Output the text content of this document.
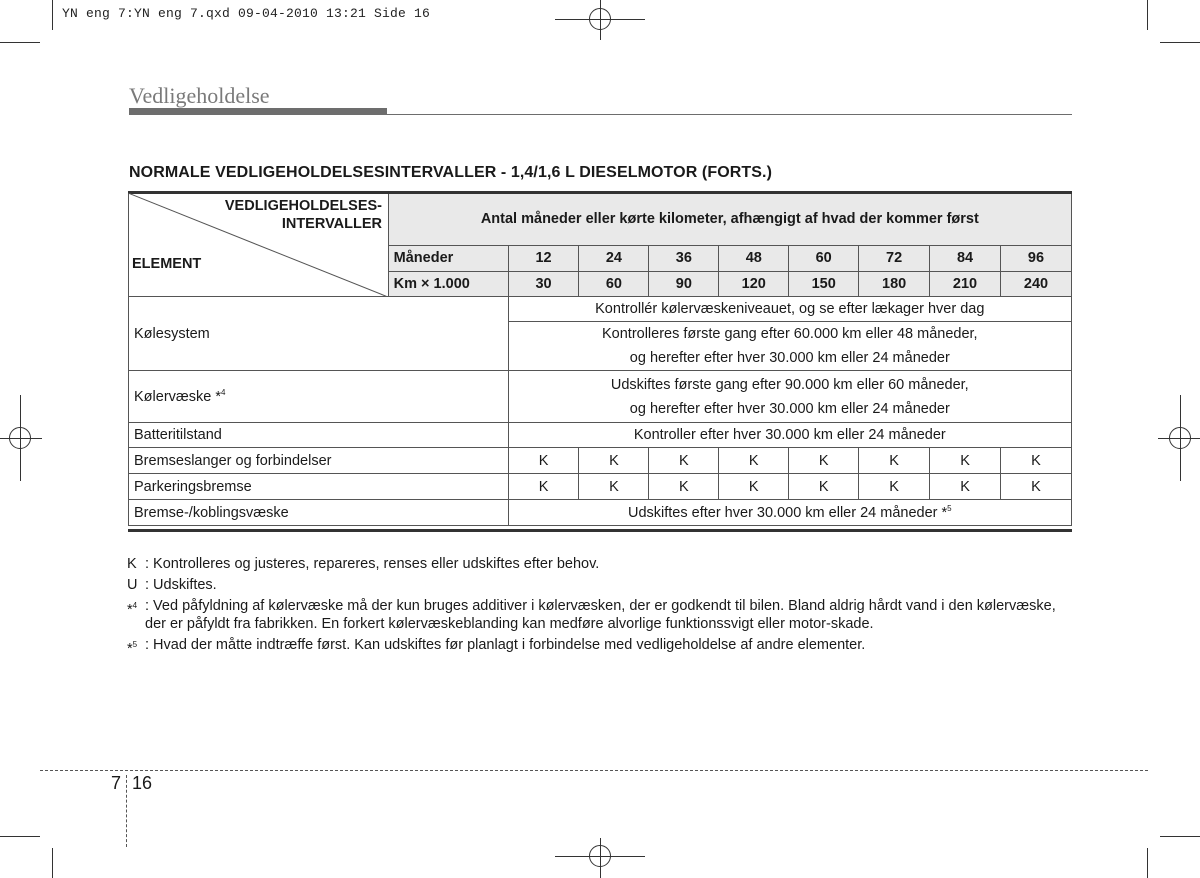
YN eng 7:YN eng 7.qxd 09-04-2010 13:21 Side 16
Vedligeholdelse
NORMALE VEDLIGEHOLDELSESINTERVALLER - 1,4/1,6 L DIESELMOTOR (FORTS.)
	Antal måneder eller kørte kilometer, afhængigt af hvad der kommer først								
	Måneder	12	24	36	48	60	72	84	96
	Km × 1.000	30	60	90	120	150	180	210	240
Kølesystem		Kontrollér kølervæskeniveauet, og se efter lækager hver dag							

		Kontrolleres første gang efter 60.000 km eller 48 måneder,
og herefter efter hver 30.000 km eller 24 måneder							

Kølervæske *$^4$		Udskiftes første gang efter 90.000 km eller 60 måneder,
og herefter efter hver 30.000 km eller 24 måneder							

Batteritilstand		Kontroller efter hver 30.000 km eller 24 måneder							
Bremseslanger og forbindelser		K	K	K	K	K	K	K	K
Parkeringsbremse		K	K	K	K	K	K	K	K
Bremse-/koblingsvæske		Udskiftes efter hver 30.000 km eller 24 måneder *$^5$
VEDLIGEHOLDELSES-
INTERVALLER
ELEMENT
K : Kontrolleres og justeres, repareres, renses eller udskiftes efter behov.
U : Udskiftes.
*$^4$ : Ved påfyldning af kølervæske må der kun bruges additiver i kølervæsken, der er godkendt til bilen. Bland aldrig hårdt vand i den kølervæske, der er påfyldt fra fabrikken. En forkert kølervæskeblanding kan medføre alvorlige funktionssvigt eller motor-skade.
*$^5$ : Hvad der måtte indtræffe først. Kan udskiftes før planlagt i forbindelse med vedligeholdelse af andre elementer.
7 16
